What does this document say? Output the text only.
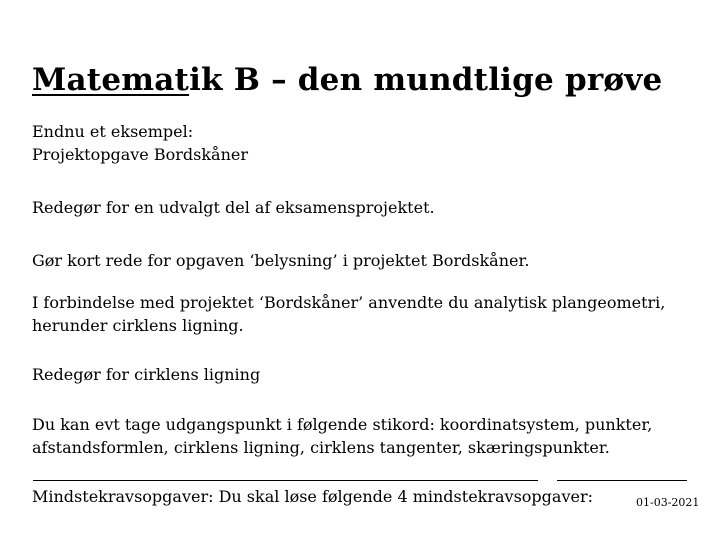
Matematik B – den mundtlige prøve
Endnu et eksempel:
Projektopgave Bordskåner
Redegør for en udvalgt del af eksamensprojektet.
Gør kort rede for opgaven ‘belysning’ i projektet Bordskåner.
I forbindelse med projektet ‘Bordskåner’ anvendte du analytisk plangeometri,
herunder cirklens ligning.
Redegør for cirklens ligning
Du kan evt tage udgangspunkt i følgende stikord: koordinatsystem, punkter,
afstandsformlen, cirklens ligning, cirklens tangenter, skæringspunkter.
Mindstekravsopgaver: Du skal løse følgende 4 mindstekravsopgaver:	01-03-2021
